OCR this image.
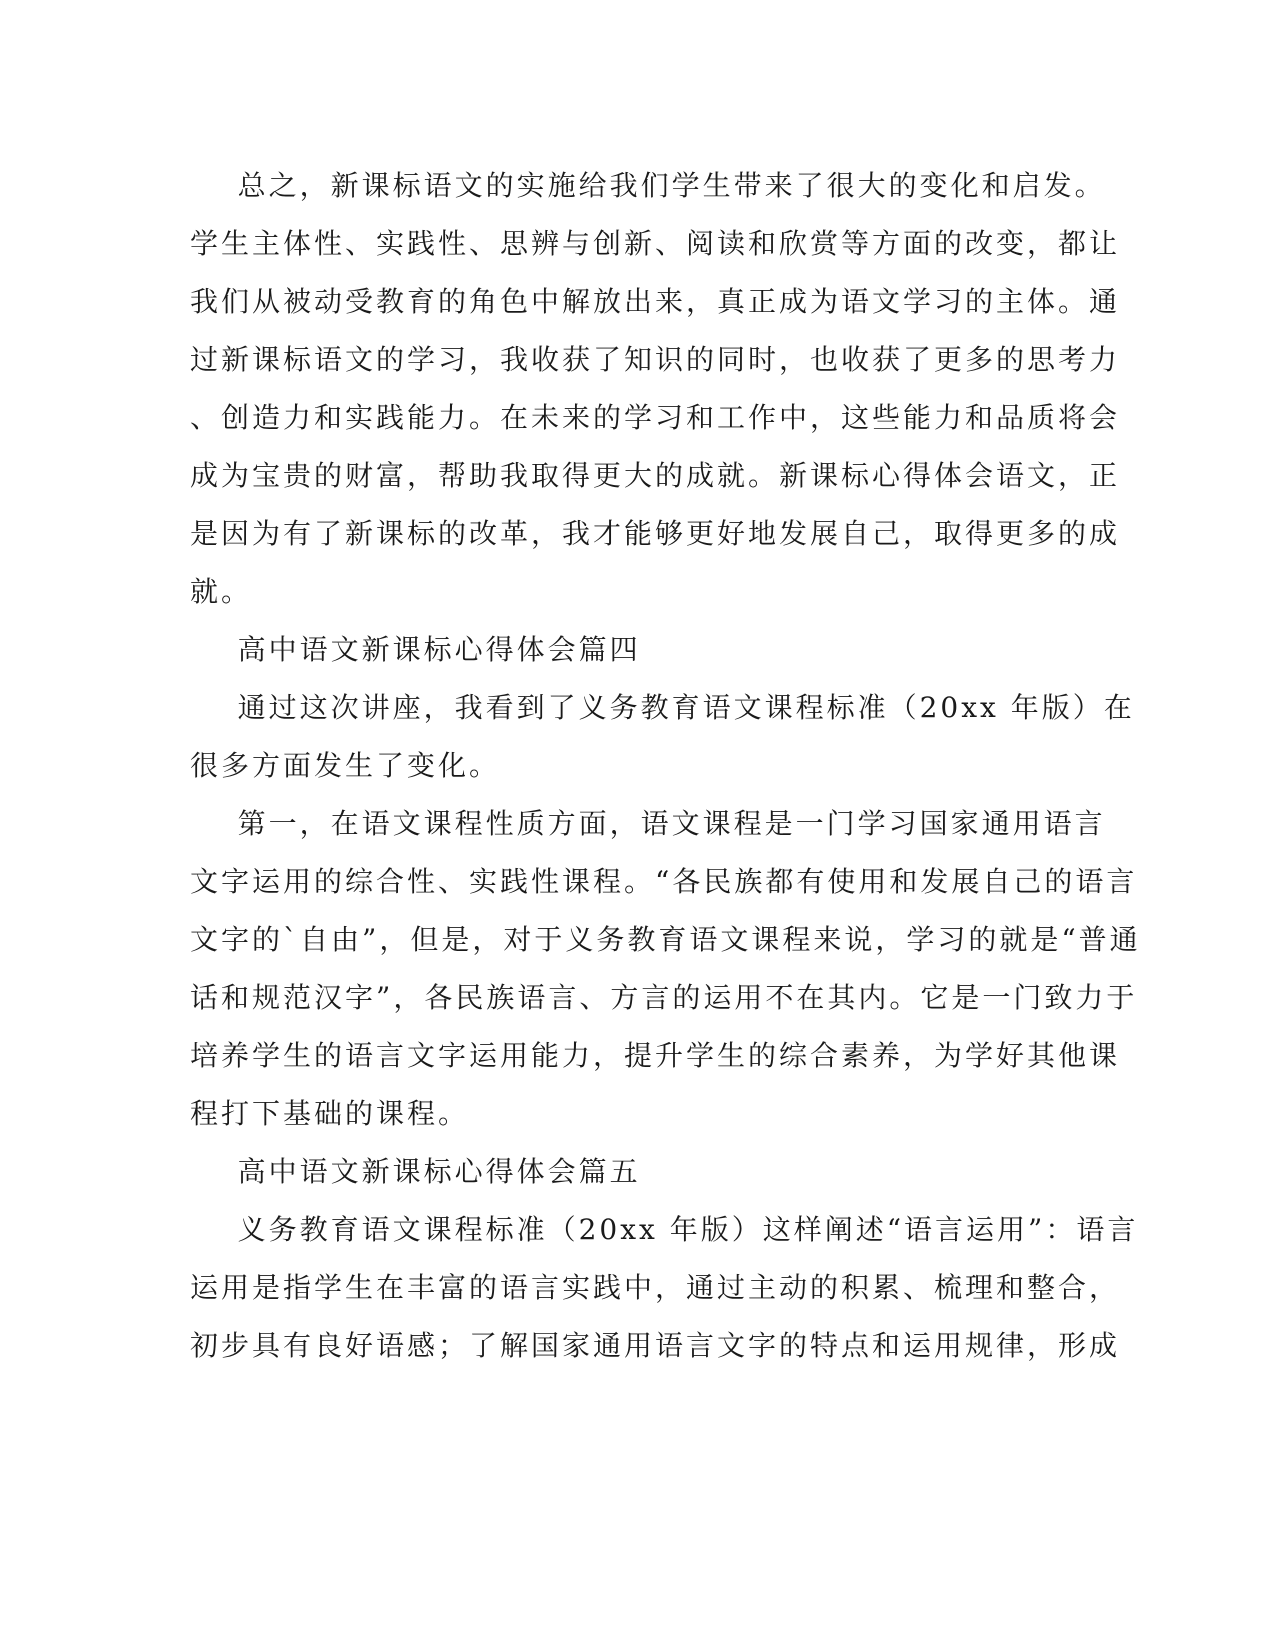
总之，新课标语文的实施给我们学生带来了很大的变化和启发。
学生主体性、实践性、思辨与创新、阅读和欣赏等方面的改变，都让
我们从被动受教育的角色中解放出来，真正成为语文学习的主体。通
过新课标语文的学习，我收获了知识的同时，也收获了更多的思考力
、创造力和实践能力。在未来的学习和工作中，这些能力和品质将会
成为宝贵的财富，帮助我取得更大的成就。新课标心得体会语文，正
是因为有了新课标的改革，我才能够更好地发展自己，取得更多的成
就。
高中语文新课标心得体会篇四
通过这次讲座，我看到了义务教育语文课程标准（20xx 年版）在
很多方面发生了变化。
第一，在语文课程性质方面，语文课程是一门学习国家通用语言
文字运用的综合性、实践性课程。“各民族都有使用和发展自己的语言
文字的`自由”，但是，对于义务教育语文课程来说，学习的就是“普通
话和规范汉字”，各民族语言、方言的运用不在其内。它是一门致力于
培养学生的语言文字运用能力，提升学生的综合素养，为学好其他课
程打下基础的课程。
高中语文新课标心得体会篇五
义务教育语文课程标准（20xx 年版）这样阐述“语言运用”：语言
运用是指学生在丰富的语言实践中，通过主动的积累、梳理和整合，
初步具有良好语感；了解国家通用语言文字的特点和运用规律，形成
